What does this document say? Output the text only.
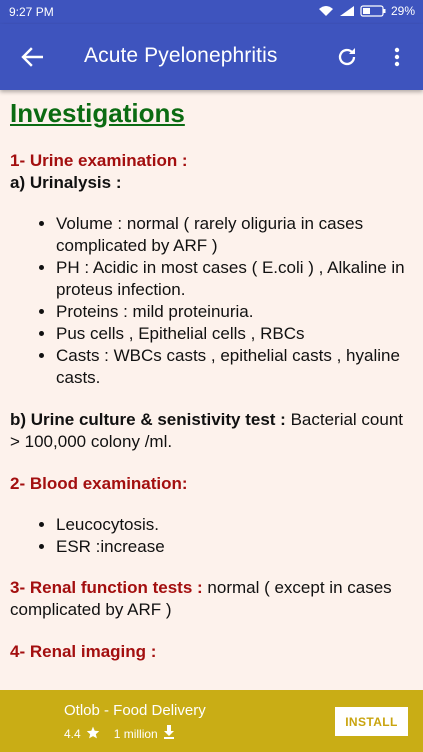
9:27 PM	29%
Acute Pyelonephritis
Investigations
1- Urine examination :
a) Urinalysis :
• Volume : normal ( rarely oliguria in cases complicated by ARF )
• PH : Acidic in most cases ( E.coli ) , Alkaline in proteus infection.
• Proteins : mild proteinuria.
• Pus cells , Epithelial cells , RBCs
• Casts : WBCs casts , epithelial casts , hyaline casts.
b) Urine culture & senistivity test : Bacterial count > 100,000 colony /ml.
2- Blood examination:
• Leucocytosis.
• ESR :increase
3- Renal function tests : normal ( except in cases complicated by ARF )
4- Renal imaging :
Otlob - Food Delivery
4.4	1 million
INSTALL
